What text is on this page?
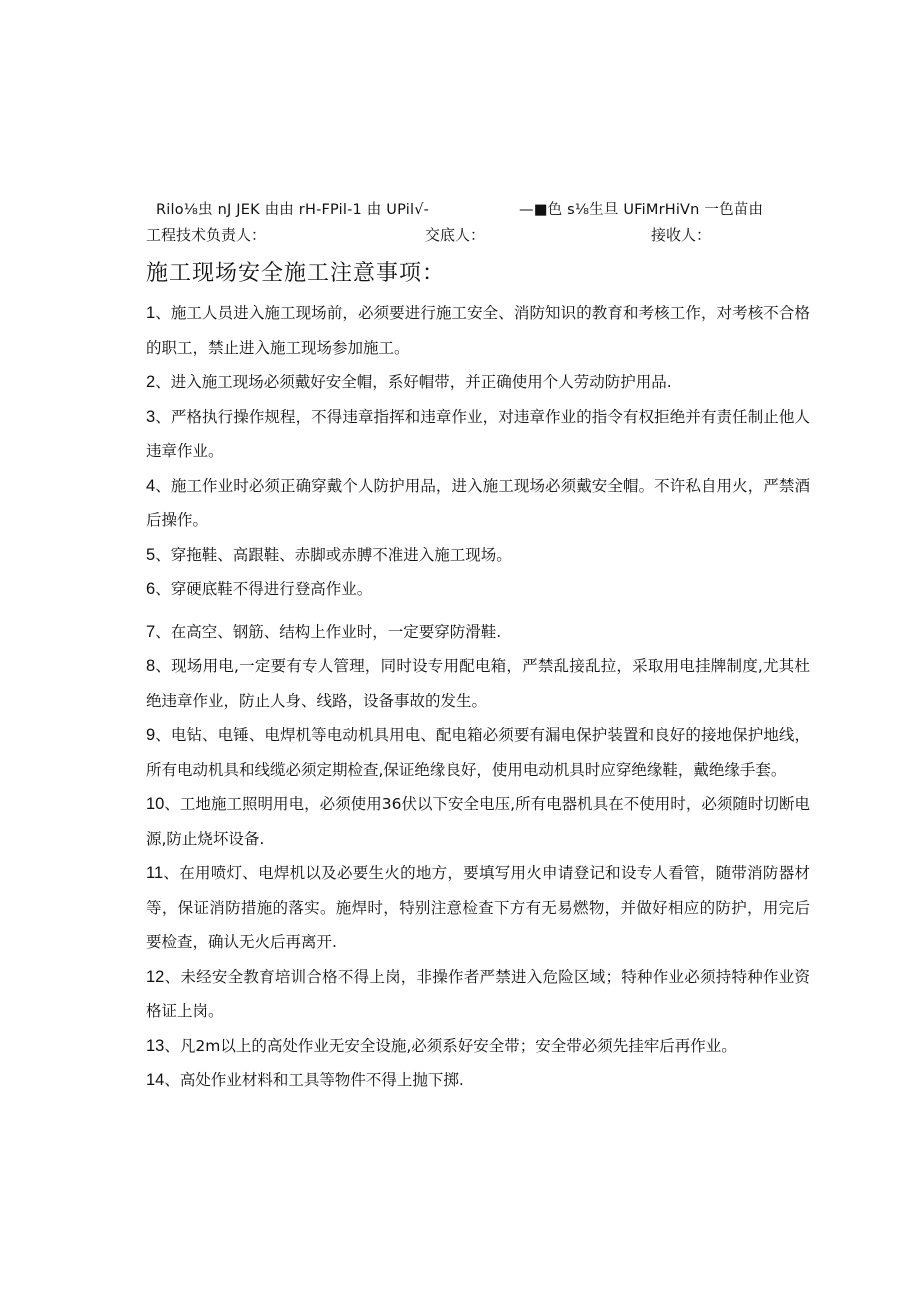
Rilo⅛虫 nJ JEK 由由 rH-FPil-1 由 UPil√-	—■色 s⅛生旦 UFiMrHiVn 一色苗由
工程技术负责人：	交底人：	接收人：
施工现场安全施工注意事项：

1、施工人员进入施工现场前，必须要进行施工安全、消防知识的教育和考核工作，对考核不合格的职工，禁止进入施工现场参加施工。

2、进入施工现场必须戴好安全帽，系好帽带，并正确使用个人劳动防护用品.

3、严格执行操作规程，不得违章指挥和违章作业，对违章作业的指令有权拒绝并有责任制止他人违章作业。

4、施工作业时必须正确穿戴个人防护用品，进入施工现场必须戴安全帽。不许私自用火，严禁酒后操作。

5、穿拖鞋、高跟鞋、赤脚或赤膊不准进入施工现场。

6、穿硬底鞋不得进行登高作业。

7、在高空、钢筋、结构上作业时，一定要穿防滑鞋.

8、现场用电,一定要有专人管理，同时设专用配电箱，严禁乱接乱拉，采取用电挂牌制度,尤其杜绝违章作业，防止人身、线路，设备事故的发生。

9、电钻、电锤、电焊机等电动机具用电、配电箱必须要有漏电保护装置和良好的接地保护地线，所有电动机具和线缆必须定期检查,保证绝缘良好，使用电动机具时应穿绝缘鞋，戴绝缘手套。

10、工地施工照明用电，必须使用36伏以下安全电压,所有电器机具在不使用时，必须随时切断电源,防止烧坏设备.

11、在用喷灯、电焊机以及必要生火的地方，要填写用火申请登记和设专人看管，随带消防器材等，保证消防措施的落实。施焊时，特别注意检查下方有无易燃物，并做好相应的防护，用完后要检查，确认无火后再离开.

12、未经安全教育培训合格不得上岗，非操作者严禁进入危险区域；特种作业必须持特种作业资格证上岗。

13、凡2m以上的高处作业无安全设施,必须系好安全带；安全带必须先挂牢后再作业。

14、高处作业材料和工具等物件不得上抛下掷.
